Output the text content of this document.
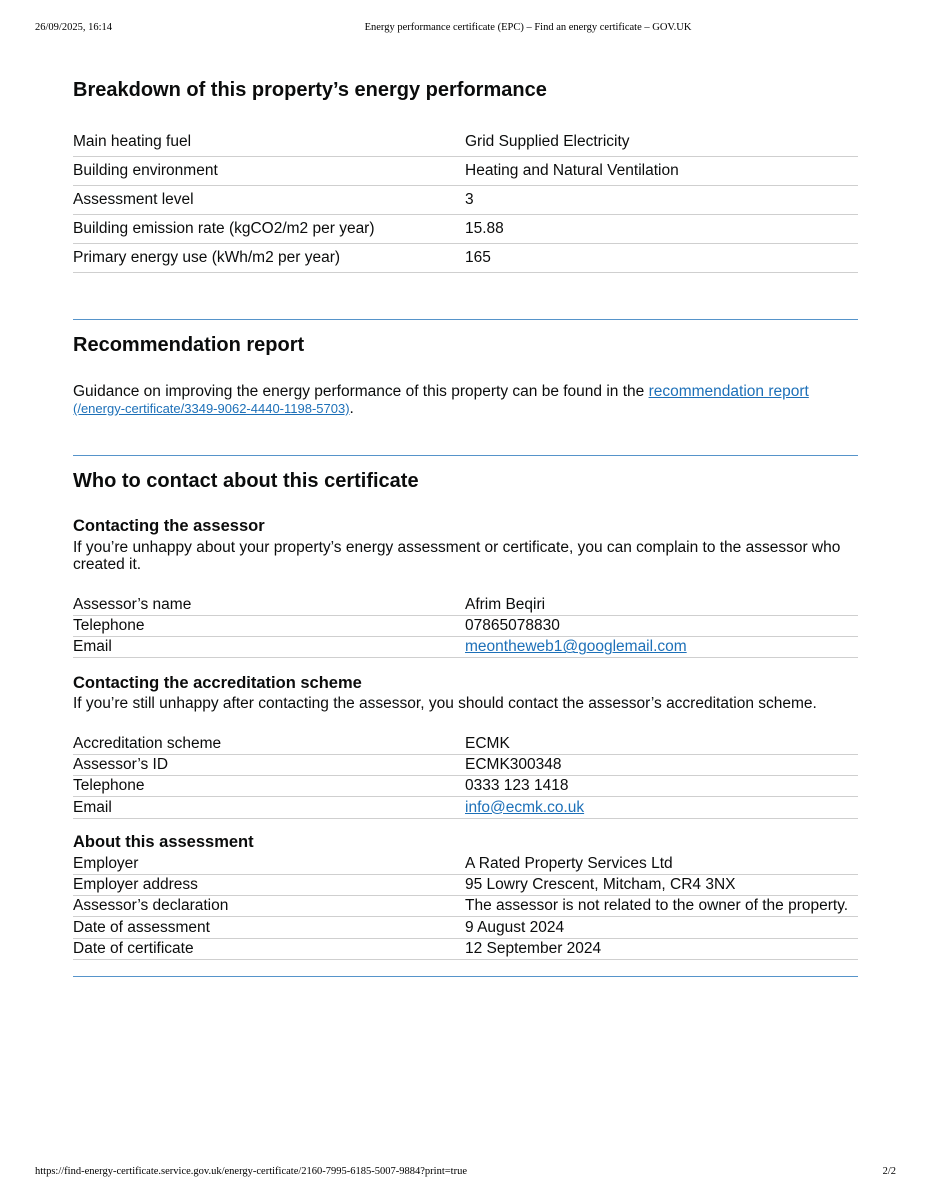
26/09/2025, 16:14	Energy performance certificate (EPC) – Find an energy certificate – GOV.UK
Breakdown of this property’s energy performance
Main heating fuel	Grid Supplied Electricity
Building environment	Heating and Natural Ventilation
Assessment level	3
Building emission rate (kgCO2/m2 per year)	15.88
Primary energy use (kWh/m2 per year)	165
Recommendation report

Guidance on improving the energy performance of this property can be found in the recommendation report
(/energy-certificate/3349-9062-4440-1198-5703).

Who to contact about this certificate
Contacting the assessor

If you’re unhappy about your property’s energy assessment or certificate, you can complain to the assessor who created it.

Assessor’s name	Afrim Beqiri
Telephone	07865078830
Email	meontheweb1@googlemail.com
Contacting the accreditation scheme

If you’re still unhappy after contacting the assessor, you should contact the assessor’s accreditation scheme.

Accreditation scheme	ECMK
Assessor’s ID	ECMK300348
Telephone	0333 123 1418
Email	info@ecmk.co.uk
About this assessment
Employer	A Rated Property Services Ltd
Employer address	95 Lowry Crescent, Mitcham, CR4 3NX
Assessor’s declaration	The assessor is not related to the owner of the property.
Date of assessment	9 August 2024
Date of certificate	12 September 2024
https://find-energy-certificate.service.gov.uk/energy-certificate/2160-7995-6185-5007-9884?print=true	2/2
